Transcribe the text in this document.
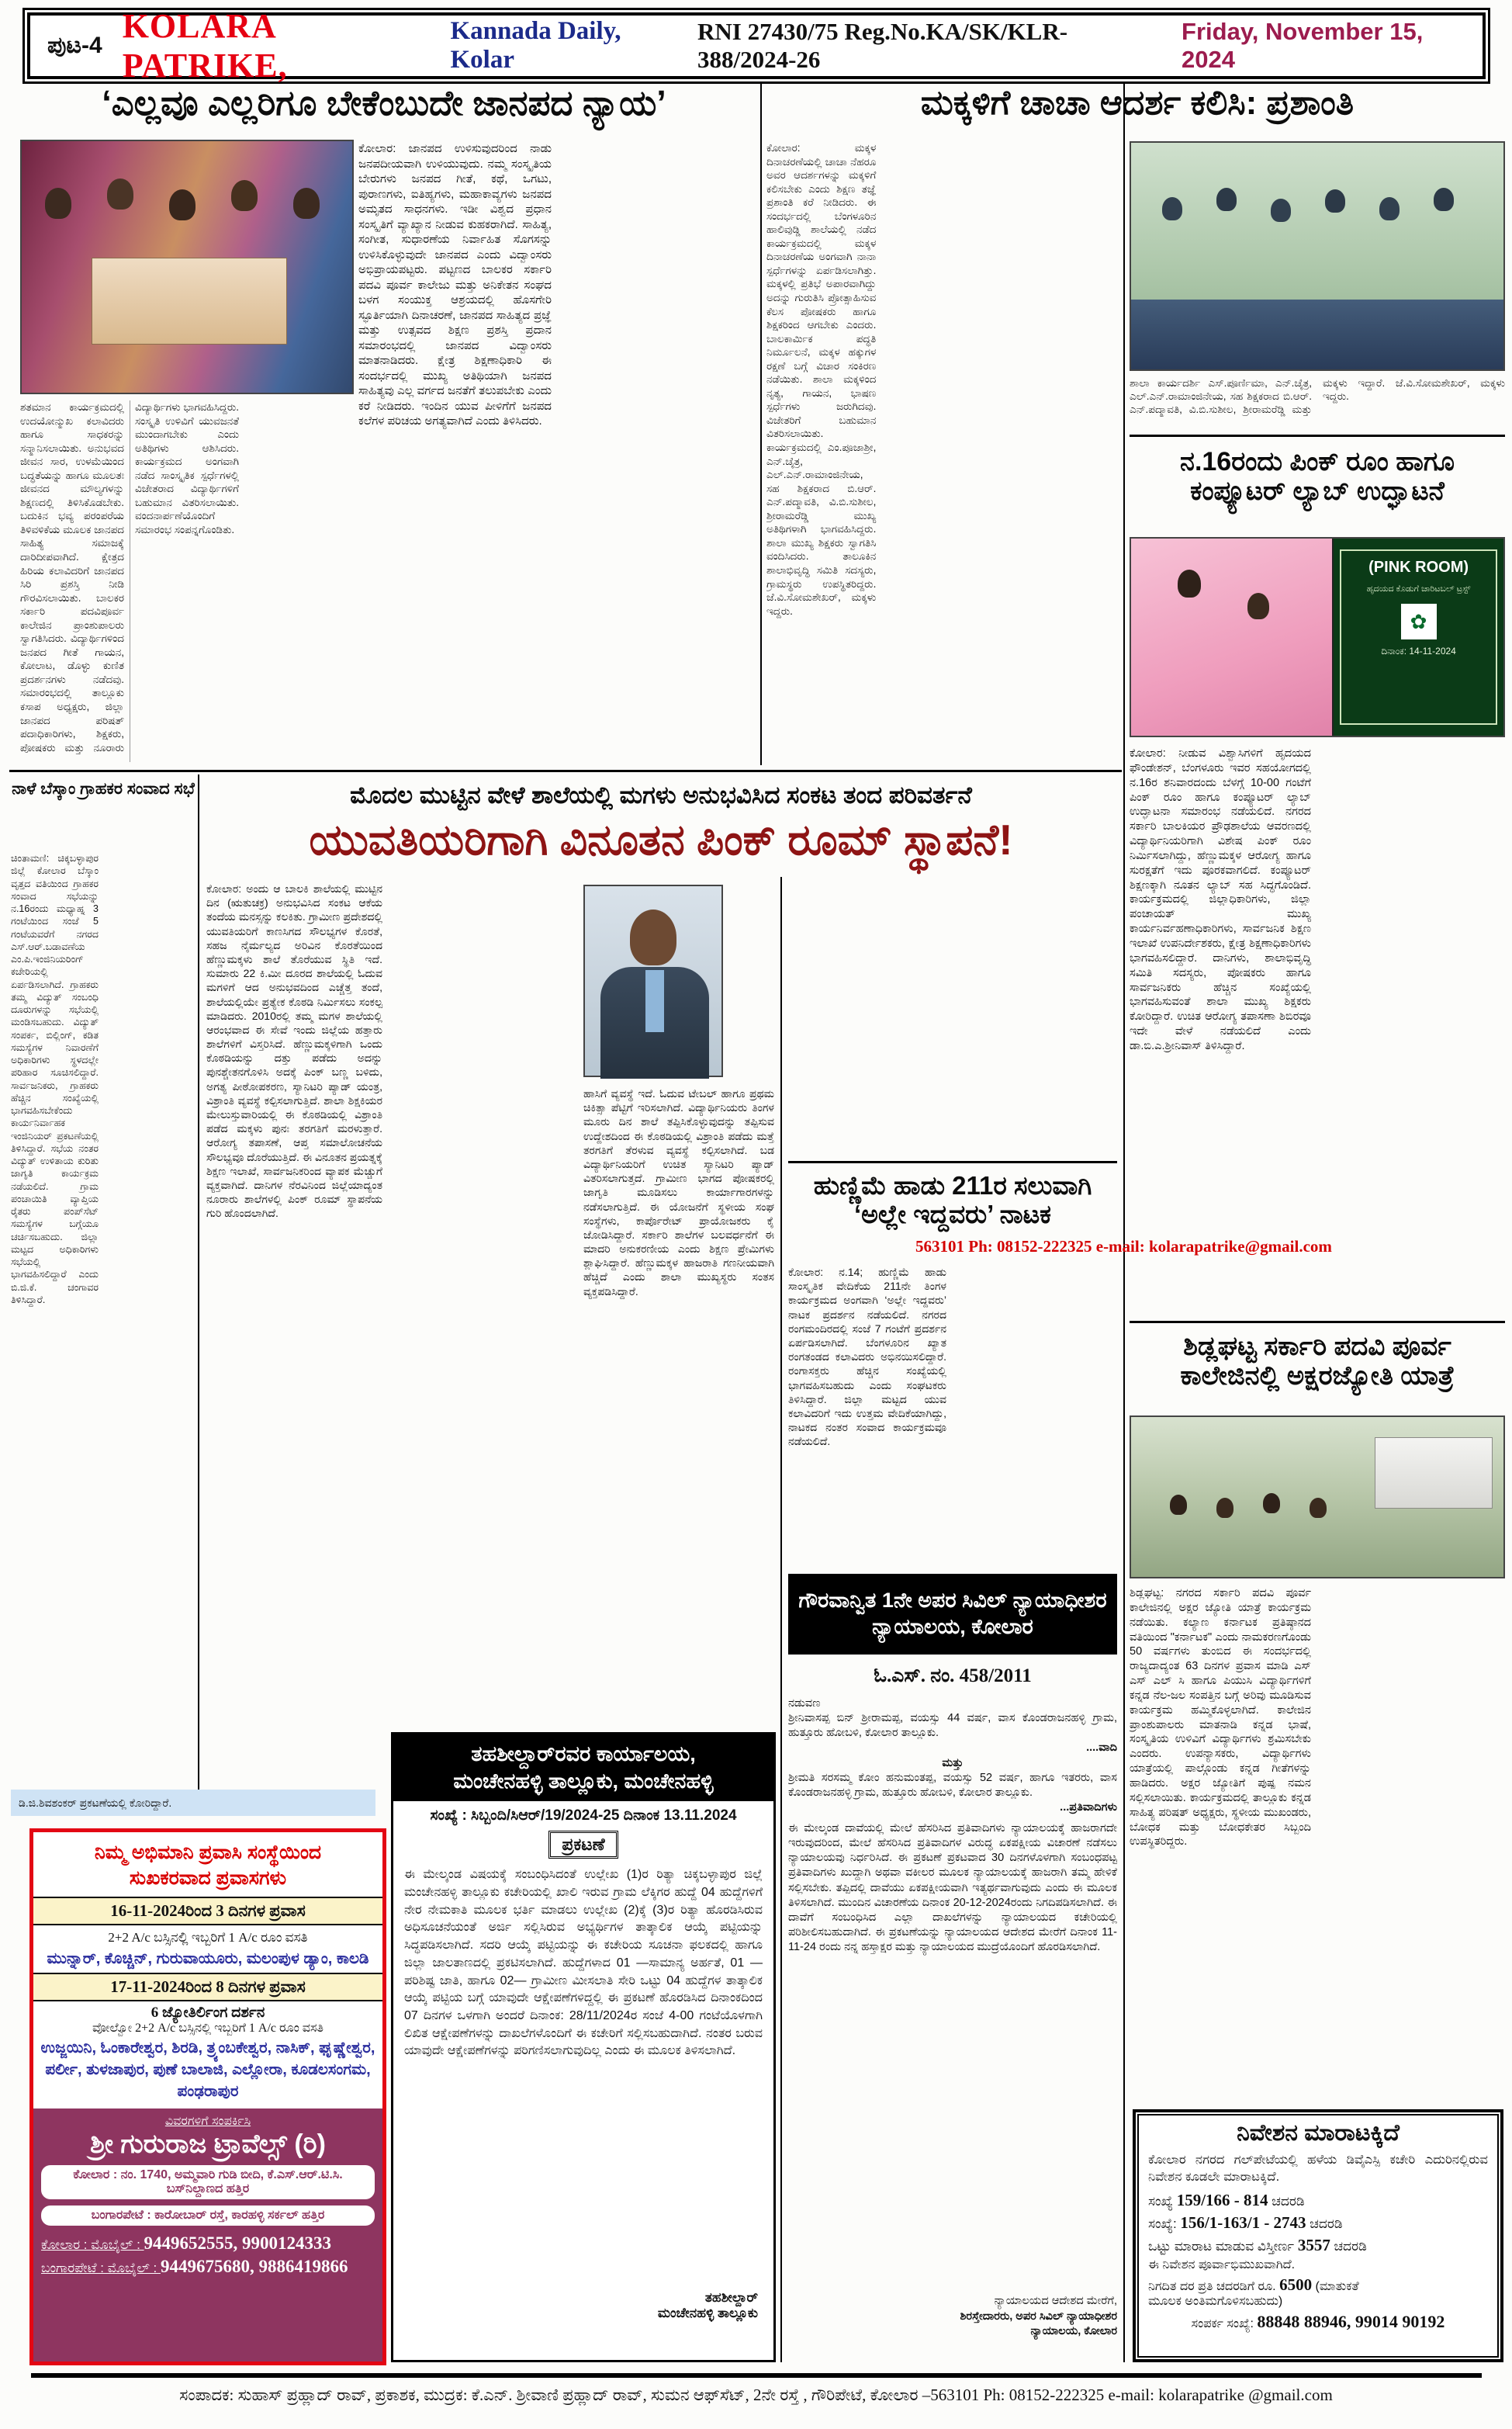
ಪುಟ-4
KOLARA PATRIKE,
Kannada Daily, Kolar
RNI 27430/75 Reg.No.KA/SK/KLR-388/2024-26
Friday, November 15, 2024
‘ಎಲ್ಲವೂ ಎಲ್ಲರಿಗೂ ಬೇಕೆಂಬುದೇ ಜಾನಪದ ನ್ಯಾಯ’
ಕೋಲಾರ: ಜಾನಪದ ಉಳಿಸುವುದರಿಂದ ನಾಡು ಜನಪದೀಯವಾಗಿ ಉಳಿಯುವುದು. ನಮ್ಮ ಸಂಸ್ಕೃತಿಯ ಬೇರುಗಳು ಜನಪದ ಗೀತೆ, ಕಥೆ, ಒಗಟು, ಪುರಾಣಗಳು, ಐತಿಹ್ಯಗಳು, ಮಹಾಕಾವ್ಯಗಳು ಜನಪದ ಅಮೃತದ ಸಾಧನಗಳು. ಇಡೀ ವಿಶ್ವದ ಪ್ರಧಾನ ಸಂಸ್ಕೃತಿಗೆ ವ್ಯಾಖ್ಯಾನ ನೀಡುವ ಕುಹಕರಾಗಿದೆ. ಸಾಹಿತ್ಯ, ಸಂಗೀತ, ಸುಧಾರಣೆಯ ನಿರ್ವಾಹಿತ ಸೊಗಸನ್ನು ಉಳಿಸಿಕೊಳ್ಳುವುದೇ ಜಾನಪದ ಎಂದು ವಿದ್ವಾಂಸರು ಅಭಿಪ್ರಾಯಪಟ್ಟರು. ಪಟ್ಟಣದ ಬಾಲಕರ ಸರ್ಕಾರಿ ಪದವಿ ಪೂರ್ವ ಕಾಲೇಜು ಮತ್ತು ಅನಿಕೇತನ ಸಂಘದ ಬಳಗ ಸಂಯುಕ್ತ ಆಶ್ರಯದಲ್ಲಿ ಹೊಸಗೇರಿ ಸ್ಫೂರ್ತಿಯಾಗಿ ದಿನಾಚರಣೆ, ಜಾನಪದ ಸಾಹಿತ್ಯದ ಪ್ರಜ್ಞೆ ಮತ್ತು ಉತ್ಸವದ ಶಿಕ್ಷಣ ಪ್ರಶಸ್ತಿ ಪ್ರದಾನ ಸಮಾರಂಭದಲ್ಲಿ ಜಾನಪದ ವಿದ್ವಾಂಸರು ಮಾತನಾಡಿದರು. ಕ್ಷೇತ್ರ ಶಿಕ್ಷಣಾಧಿಕಾರಿ ಈ ಸಂದರ್ಭದಲ್ಲಿ ಮುಖ್ಯ ಅತಿಥಿಯಾಗಿ ಜನಪದ ಸಾಹಿತ್ಯವು ಎಲ್ಲ ವರ್ಗದ ಜನತೆಗೆ ತಲುಪಬೇಕು ಎಂದು ಕರೆ ನೀಡಿದರು. ಇಂದಿನ ಯುವ ಪೀಳಿಗೆಗೆ ಜನಪದ ಕಲೆಗಳ ಪರಿಚಯ ಅಗತ್ಯವಾಗಿದೆ ಎಂದು ತಿಳಿಸಿದರು.
ಶತಮಾನ ಕಾರ್ಯಕ್ರಮದಲ್ಲಿ ಉದಯೋನ್ಮುಖ ಕಲಾವಿದರು ಹಾಗೂ ಸಾಧಕರನ್ನು ಸನ್ಮಾನಿಸಲಾಯಿತು. ಅನುಭವದ ಜೀವನ ಸಾರ, ಉಳಮೆಯಿಂದ ಬದ್ಧತೆಯನ್ನು ಹಾಗೂ ಮೂಲತಃ ಜೀವನದ ಮೌಲ್ಯಗಳನ್ನು ಶಿಕ್ಷಣದಲ್ಲಿ ತಿಳಿಸಿಕೊಡಬೇಕು. ಬದುಕಿನ ಭವ್ಯ ಪರಂಪರೆಯ ತಿಳಿವಳಿಕೆಯ ಮೂಲಕ ಜಾನಪದ ಸಾಹಿತ್ಯ ಸಮಾಜಕ್ಕೆ ದಾರಿದೀಪವಾಗಿದೆ. ಕ್ಷೇತ್ರದ ಹಿರಿಯ ಕಲಾವಿದರಿಗೆ ಜಾನಪದ ಸಿರಿ ಪ್ರಶಸ್ತಿ ನೀಡಿ ಗೌರವಿಸಲಾಯಿತು. ಬಾಲಕರ ಸರ್ಕಾರಿ ಪದವಿಪೂರ್ವ ಕಾಲೇಜಿನ ಪ್ರಾಂಶುಪಾಲರು ಸ್ವಾಗತಿಸಿದರು. ವಿದ್ಯಾರ್ಥಿಗಳಿಂದ ಜನಪದ ಗೀತೆ ಗಾಯನ, ಕೋಲಾಟ, ಡೊಳ್ಳು ಕುಣಿತ ಪ್ರದರ್ಶನಗಳು ನಡೆದವು. ಸಮಾರಂಭದಲ್ಲಿ ತಾಲ್ಲೂಕು ಕಸಾಪ ಅಧ್ಯಕ್ಷರು, ಜಿಲ್ಲಾ ಜಾನಪದ ಪರಿಷತ್ ಪದಾಧಿಕಾರಿಗಳು, ಶಿಕ್ಷಕರು, ಪೋಷಕರು ಮತ್ತು ನೂರಾರು ವಿದ್ಯಾರ್ಥಿಗಳು ಭಾಗವಹಿಸಿದ್ದರು. ಸಂಸ್ಕೃತಿ ಉಳಿವಿಗೆ ಯುವಜನತೆ ಮುಂದಾಗಬೇಕು ಎಂದು ಅತಿಥಿಗಳು ಆಶಿಸಿದರು. ಕಾರ್ಯಕ್ರಮದ ಅಂಗವಾಗಿ ನಡೆದ ಸಾಂಸ್ಕೃತಿಕ ಸ್ಪರ್ಧೆಗಳಲ್ಲಿ ವಿಜೇತರಾದ ವಿದ್ಯಾರ್ಥಿಗಳಿಗೆ ಬಹುಮಾನ ವಿತರಿಸಲಾಯಿತು. ವಂದನಾರ್ಪಣೆಯೊಂದಿಗೆ ಸಮಾರಂಭ ಸಂಪನ್ನಗೊಂಡಿತು.
ಮಕ್ಕಳಿಗೆ ಚಾಚಾ ಆದರ್ಶ ಕಲಿಸಿ: ಪ್ರಶಾಂತಿ
ಕೋಲಾರ: ಮಕ್ಕಳ ದಿನಾಚರಣೆಯಲ್ಲಿ ಚಾಚಾ ನೆಹರೂ ಅವರ ಆದರ್ಶಗಳನ್ನು ಮಕ್ಕಳಿಗೆ ಕಲಿಸಬೇಕು ಎಂದು ಶಿಕ್ಷಣ ತಜ್ಞೆ ಪ್ರಶಾಂತಿ ಕರೆ ನೀಡಿದರು. ಈ ಸಂದರ್ಭದಲ್ಲಿ ಬೆಂಗಳೂರಿನ ಹಾಲಿವುಡ್ಡಿ ಶಾಲೆಯಲ್ಲಿ ನಡೆದ ಕಾರ್ಯಕ್ರಮದಲ್ಲಿ ಮಕ್ಕಳ ದಿನಾಚರಣೆಯ ಅಂಗವಾಗಿ ನಾನಾ ಸ್ಪರ್ಧೆಗಳನ್ನು ಏರ್ಪಡಿಸಲಾಗಿತ್ತು. ಮಕ್ಕಳಲ್ಲಿ ಪ್ರತಿಭೆ ಅಪಾರವಾಗಿದ್ದು ಅದನ್ನು ಗುರುತಿಸಿ ಪ್ರೋತ್ಸಾಹಿಸುವ ಕೆಲಸ ಪೋಷಕರು ಹಾಗೂ ಶಿಕ್ಷಕರಿಂದ ಆಗಬೇಕು ಎಂದರು. ಬಾಲಕಾರ್ಮಿಕ ಪದ್ಧತಿ ನಿರ್ಮೂಲನೆ, ಮಕ್ಕಳ ಹಕ್ಕುಗಳ ರಕ್ಷಣೆ ಬಗ್ಗೆ ವಿಚಾರ ಸಂಕಿರಣ ನಡೆಯಿತು. ಶಾಲಾ ಮಕ್ಕಳಿಂದ ನೃತ್ಯ, ಗಾಯನ, ಭಾಷಣ ಸ್ಪರ್ಧೆಗಳು ಜರುಗಿದವು. ವಿಜೇತರಿಗೆ ಬಹುಮಾನ ವಿತರಿಸಲಾಯಿತು. ಕಾರ್ಯಕ್ರಮದಲ್ಲಿ ಎಂ.ಪೂಜಾಶ್ರೀ, ಎನ್.ಚೈತ್ರ, ಎಲ್.ಎನ್.ರಾಮಾಂಜಿನೇಯ, ಸಹ ಶಿಕ್ಷಕರಾದ ಬಿ.ಆರ್. ಎನ್.ಪದ್ಮಾವತಿ, ವಿ.ಬಿ.ಸುಶೀಲ, ಶ್ರೀರಾಮರೆಡ್ಡಿ ಮುಖ್ಯ ಅತಿಥಿಗಳಾಗಿ ಭಾಗವಹಿಸಿದ್ದರು. ಶಾಲಾ ಮುಖ್ಯ ಶಿಕ್ಷಕರು ಸ್ವಾಗತಿಸಿ ವಂದಿಸಿದರು. ತಾಲೂಕಿನ ಶಾಲಾಭಿವೃದ್ಧಿ ಸಮಿತಿ ಸದಸ್ಯರು, ಗ್ರಾಮಸ್ಥರು ಉಪಸ್ಥಿತರಿದ್ದರು. ಜೆ.ವಿ.ಸೋಮಶೇಖರ್, ಮಕ್ಕಳು ಇದ್ದರು.
ಶಾಲಾ ಕಾರ್ಯದರ್ಶಿ ಎಸ್.ಪೂರ್ಣಿಮಾ, ಎನ್.ಚೈತ್ರ, ಎಲ್.ಎನ್.ರಾಮಾಂಜಿನೇಯ, ಸಹ ಶಿಕ್ಷಕರಾದ ಬಿ.ಆರ್. ಎನ್.ಪದ್ಮಾವತಿ, ವಿ.ಬಿ.ಸುಶೀಲ, ಶ್ರೀರಾಮರೆಡ್ಡಿ ಮತ್ತು ಮಕ್ಕಳು ಇದ್ದಾರೆ. ಜೆ.ವಿ.ಸೋಮಶೇಖರ್, ಮಕ್ಕಳು ಇದ್ದರು.
ನ.16ರಂದು ಪಿಂಕ್ ರೂಂ ಹಾಗೂ
ಕಂಪ್ಯೂಟರ್ ಲ್ಯಾಬ್ ಉದ್ಘಾಟನೆ
(PINK ROOM)
ಹೃದಯದ ಕೊಡುಗೆ ಚಾರಿಟಬಲ್ ಟ್ರಸ್ಟ್
✿
ದಿನಾಂಕ: 14-11-2024
ಕೋಲಾರ: ನೀಡುವ ವಿಶ್ವಾಸಿಗಳಿಗೆ ಹೃದಯದ ಫೌಂಡೇಶನ್, ಬೆಂಗಳೂರು ಇವರ ಸಹಯೋಗದಲ್ಲಿ ನ.16ರ ಶನಿವಾರದಂದು ಬೆಳಗ್ಗೆ 10-00 ಗಂಟೆಗೆ ಪಿಂಕ್ ರೂಂ ಹಾಗೂ ಕಂಪ್ಯೂಟರ್ ಲ್ಯಾಬ್ ಉದ್ಘಾಟನಾ ಸಮಾರಂಭ ನಡೆಯಲಿದೆ. ನಗರದ ಸರ್ಕಾರಿ ಬಾಲಕಿಯರ ಪ್ರೌಢಶಾಲೆಯ ಆವರಣದಲ್ಲಿ ವಿದ್ಯಾರ್ಥಿನಿಯರಿಗಾಗಿ ವಿಶೇಷ ಪಿಂಕ್ ರೂಂ ನಿರ್ಮಿಸಲಾಗಿದ್ದು, ಹೆಣ್ಣುಮಕ್ಕಳ ಆರೋಗ್ಯ ಹಾಗೂ ಸುರಕ್ಷತೆಗೆ ಇದು ಪೂರಕವಾಗಲಿದೆ. ಕಂಪ್ಯೂಟರ್ ಶಿಕ್ಷಣಕ್ಕಾಗಿ ನೂತನ ಲ್ಯಾಬ್ ಸಹ ಸಿದ್ಧಗೊಂಡಿದೆ. ಕಾರ್ಯಕ್ರಮದಲ್ಲಿ ಜಿಲ್ಲಾಧಿಕಾರಿಗಳು, ಜಿಲ್ಲಾ ಪಂಚಾಯತ್ ಮುಖ್ಯ ಕಾರ್ಯನಿರ್ವಹಣಾಧಿಕಾರಿಗಳು, ಸಾರ್ವಜನಿಕ ಶಿಕ್ಷಣ ಇಲಾಖೆ ಉಪನಿರ್ದೇಶಕರು, ಕ್ಷೇತ್ರ ಶಿಕ್ಷಣಾಧಿಕಾರಿಗಳು ಭಾಗವಹಿಸಲಿದ್ದಾರೆ. ದಾನಿಗಳು, ಶಾಲಾಭಿವೃದ್ಧಿ ಸಮಿತಿ ಸದಸ್ಯರು, ಪೋಷಕರು ಹಾಗೂ ಸಾರ್ವಜನಿಕರು ಹೆಚ್ಚಿನ ಸಂಖ್ಯೆಯಲ್ಲಿ ಭಾಗವಹಿಸುವಂತೆ ಶಾಲಾ ಮುಖ್ಯ ಶಿಕ್ಷಕರು ಕೋರಿದ್ದಾರೆ. ಉಚಿತ ಆರೋಗ್ಯ ತಪಾಸಣಾ ಶಿಬಿರವೂ ಇದೇ ವೇಳೆ ನಡೆಯಲಿದೆ ಎಂದು ಡಾ.ಬಿ.ಎ.ಶ್ರೀನಿವಾಸ್ ತಿಳಿಸಿದ್ದಾರೆ.
ಶಿಡ್ಲಘಟ್ಟ ಸರ್ಕಾರಿ ಪದವಿ ಪೂರ್ವ
ಕಾಲೇಜಿನಲ್ಲಿ ಅಕ್ಷರಜ್ಯೋತಿ ಯಾತ್ರೆ
ಶಿಡ್ಲಘಟ್ಟ: ನಗರದ ಸರ್ಕಾರಿ ಪದವಿ ಪೂರ್ವ ಕಾಲೇಜಿನಲ್ಲಿ ಅಕ್ಷರ ಜ್ಯೋತಿ ಯಾತ್ರೆ ಕಾರ್ಯಕ್ರಮ ನಡೆಯಿತು. ಕಲ್ಯಾಣ ಕರ್ನಾಟಕ ಪ್ರತಿಷ್ಠಾನದ ವತಿಯಿಂದ "ಕರ್ನಾಟಕ" ಎಂದು ನಾಮಕರಣಗೊಂಡು 50 ವರ್ಷಗಳು ತುಂಬಿದ ಈ ಸಂದರ್ಭದಲ್ಲಿ ರಾಜ್ಯದಾದ್ಯಂತ 63 ದಿನಗಳ ಪ್ರವಾಸ ಮಾಡಿ ಎಸ್ ಎಸ್ ಎಲ್ ಸಿ ಹಾಗೂ ಪಿಯುಸಿ ವಿದ್ಯಾರ್ಥಿಗಳಿಗೆ ಕನ್ನಡ ನೆಲ-ಜಲ ಸಂಪತ್ತಿನ ಬಗ್ಗೆ ಅರಿವು ಮೂಡಿಸುವ ಕಾರ್ಯಕ್ರಮ ಹಮ್ಮಿಕೊಳ್ಳಲಾಗಿದೆ. ಕಾಲೇಜಿನ ಪ್ರಾಂಶುಪಾಲರು ಮಾತನಾಡಿ ಕನ್ನಡ ಭಾಷೆ, ಸಂಸ್ಕೃತಿಯ ಉಳಿವಿಗೆ ವಿದ್ಯಾರ್ಥಿಗಳು ಶ್ರಮಿಸಬೇಕು ಎಂದರು. ಉಪನ್ಯಾಸಕರು, ವಿದ್ಯಾರ್ಥಿಗಳು ಯಾತ್ರೆಯಲ್ಲಿ ಪಾಲ್ಗೊಂಡು ಕನ್ನಡ ಗೀತೆಗಳನ್ನು ಹಾಡಿದರು. ಅಕ್ಷರ ಜ್ಯೋತಿಗೆ ಪುಷ್ಪ ನಮನ ಸಲ್ಲಿಸಲಾಯಿತು. ಕಾರ್ಯಕ್ರಮದಲ್ಲಿ ತಾಲ್ಲೂಕು ಕನ್ನಡ ಸಾಹಿತ್ಯ ಪರಿಷತ್ ಅಧ್ಯಕ್ಷರು, ಸ್ಥಳೀಯ ಮುಖಂಡರು, ಬೋಧಕ ಮತ್ತು ಬೋಧಕೇತರ ಸಿಬ್ಬಂದಿ ಉಪಸ್ಥಿತರಿದ್ದರು.
ನಿವೇಶನ ಮಾರಾಟಕ್ಕಿದೆ
ಕೋಲಾರ ನಗರದ ಗಲ್‌ಪೇಟೆಯಲ್ಲಿ ಹಳೆಯ ಡಿವೈಎಸ್ಪಿ ಕಚೇರಿ ಎದುರಿನಲ್ಲಿರುವ ನಿವೇಶನ ಕೂಡಲೇ ಮಾರಾಟಕ್ಕಿದೆ.
ಸಂಖ್ಯೆ 159/166 - 814 ಚದರಡಿ
ಸಂಖ್ಯೆ: 156/1-163/1 - 2743 ಚದರಡಿ
ಒಟ್ಟು ಮಾರಾಟ ಮಾಡುವ ವಿಸ್ತೀರ್ಣ 3557 ಚದರಡಿ
ಈ ನಿವೇಶನ ಪೂರ್ವಾಭಿಮುಖವಾಗಿದೆ.
ನಿಗದಿತ ದರ ಪ್ರತಿ ಚದರಡಿಗೆ ರೂ. 6500 (ಮಾತುಕತೆ
ಮೂಲಕ ಅಂತಿಮಗೊಳಿಸಬಹುದು)
ಸಂಪರ್ಕ ಸಂಖ್ಯೆ: 88848 88946, 99014 90192
ನಾಳೆ ಬೆಸ್ಕಾಂ ಗ್ರಾಹಕರ ಸಂವಾದ ಸಭೆ
ಚಿಂತಾಮಣಿ: ಚಿಕ್ಕಬಳ್ಳಾಪುರ ಜಿಲ್ಲೆ ಕೋಲಾರ ಬೆಸ್ಕಾಂ ವೃತ್ತದ ವತಿಯಿಂದ ಗ್ರಾಹಕರ ಸಂವಾದ ಸಭೆಯನ್ನು ನ.16ರಂದು ಮಧ್ಯಾಹ್ನ 3 ಗಂಟೆಯಿಂದ ಸಂಜೆ 5 ಗಂಟೆಯವರೆಗೆ ನಗರದ ಎಸ್.ಆರ್.ಬಡಾವಣೆಯ ಎಂ.ಪಿ.ಇಂಜಿನಿಯರಿಂಗ್ ಕಚೇರಿಯಲ್ಲಿ ಏರ್ಪಡಿಸಲಾಗಿದೆ. ಗ್ರಾಹಕರು ತಮ್ಮ ವಿದ್ಯುತ್ ಸಂಬಂಧಿ ದೂರುಗಳನ್ನು ಸಭೆಯಲ್ಲಿ ಮಂಡಿಸಬಹುದು. ವಿದ್ಯುತ್ ಸಂಪರ್ಕ, ಬಿಲ್ಲಿಂಗ್, ಕಡಿತ ಸಮಸ್ಯೆಗಳ ನಿವಾರಣೆಗೆ ಅಧಿಕಾರಿಗಳು ಸ್ಥಳದಲ್ಲೇ ಪರಿಹಾರ ಸೂಚಿಸಲಿದ್ದಾರೆ. ಸಾರ್ವಜನಿಕರು, ಗ್ರಾಹಕರು ಹೆಚ್ಚಿನ ಸಂಖ್ಯೆಯಲ್ಲಿ ಭಾಗವಹಿಸಬೇಕೆಂದು ಕಾರ್ಯನಿರ್ವಾಹಕ ಇಂಜಿನಿಯರ್ ಪ್ರಕಟಣೆಯಲ್ಲಿ ತಿಳಿಸಿದ್ದಾರೆ. ಸಭೆಯ ನಂತರ ವಿದ್ಯುತ್ ಉಳಿತಾಯ ಕುರಿತು ಜಾಗೃತಿ ಕಾರ್ಯಕ್ರಮ ನಡೆಯಲಿದೆ. ಗ್ರಾಮ ಪಂಚಾಯಿತಿ ವ್ಯಾಪ್ತಿಯ ರೈತರು ಪಂಪ್‌ಸೆಟ್ ಸಮಸ್ಯೆಗಳ ಬಗ್ಗೆಯೂ ಚರ್ಚಿಸಬಹುದು. ಜಿಲ್ಲಾ ಮಟ್ಟದ ಅಧಿಕಾರಿಗಳು ಸಭೆಯಲ್ಲಿ ಭಾಗವಹಿಸಲಿದ್ದಾರೆ ಎಂದು ಬಿ.ಜಿ.ಕೆ. ಚಂಗಾವರ ತಿಳಿಸಿದ್ದಾರೆ.
ಡಿ.ಜಿ.ಶಿವಶಂಕರ್ ಪ್ರಕಟಣೆಯಲ್ಲಿ ಕೋರಿದ್ದಾರೆ.
ಮೊದಲ ಮುಟ್ಟಿನ ವೇಳೆ ಶಾಲೆಯಲ್ಲಿ ಮಗಳು ಅನುಭವಿಸಿದ ಸಂಕಟ ತಂದ ಪರಿವರ್ತನೆ
ಯುವತಿಯರಿಗಾಗಿ ವಿನೂತನ ಪಿಂಕ್ ರೂಮ್ ಸ್ಥಾಪನೆ!
ಕೋಲಾರ: ಅಂದು ಆ ಬಾಲಕಿ ಶಾಲೆಯಲ್ಲಿ ಮುಟ್ಟಿನ ದಿನ (ಋತುಚಕ್ರ) ಅನುಭವಿಸಿದ ಸಂಕಟ ಆಕೆಯ ತಂದೆಯ ಮನಸ್ಸನ್ನು ಕಲಕಿತು. ಗ್ರಾಮೀಣ ಪ್ರದೇಶದಲ್ಲಿ ಯುವತಿಯರಿಗೆ ಕಾಣಸಿಗದ ಸೌಲಭ್ಯಗಳ ಕೊರತೆ, ಸಹಜ ನೈರ್ಮಲ್ಯದ ಅರಿವಿನ ಕೊರತೆಯಿಂದ ಹೆಣ್ಣುಮಕ್ಕಳು ಶಾಲೆ ತೊರೆಯುವ ಸ್ಥಿತಿ ಇದೆ. ಸುಮಾರು 22 ಕಿ.ಮೀ ದೂರದ ಶಾಲೆಯಲ್ಲಿ ಓದುವ ಮಗಳಿಗೆ ಆದ ಅನುಭವದಿಂದ ಎಚ್ಚೆತ್ತ ತಂದೆ, ಶಾಲೆಯಲ್ಲಿಯೇ ಪ್ರತ್ಯೇಕ ಕೊಠಡಿ ನಿರ್ಮಿಸಲು ಸಂಕಲ್ಪ ಮಾಡಿದರು. 2010ರಲ್ಲಿ ತಮ್ಮ ಮಗಳ ಶಾಲೆಯಲ್ಲಿ ಆರಂಭವಾದ ಈ ಸೇವೆ ಇಂದು ಜಿಲ್ಲೆಯ ಹತ್ತಾರು ಶಾಲೆಗಳಿಗೆ ವಿಸ್ತರಿಸಿದೆ. ಹೆಣ್ಣುಮಕ್ಕಳಿಗಾಗಿ ಒಂದು ಕೊಠಡಿಯನ್ನು ದತ್ತು ಪಡೆದು ಅದನ್ನು ಪುನಶ್ಚೇತನಗೊಳಿಸಿ ಅದಕ್ಕೆ ಪಿಂಕ್ ಬಣ್ಣ ಬಳಿದು, ಅಗತ್ಯ ಪೀಠೋಪಕರಣ, ಸ್ಯಾನಿಟರಿ ಪ್ಯಾಡ್ ಯಂತ್ರ, ವಿಶ್ರಾಂತಿ ವ್ಯವಸ್ಥೆ ಕಲ್ಪಿಸಲಾಗುತ್ತಿದೆ. ಶಾಲಾ ಶಿಕ್ಷಕಿಯರ ಮೇಲುಸ್ತುವಾರಿಯಲ್ಲಿ ಈ ಕೊಠಡಿಯಲ್ಲಿ ವಿಶ್ರಾಂತಿ ಪಡೆದ ಮಕ್ಕಳು ಪುನಃ ತರಗತಿಗೆ ಮರಳುತ್ತಾರೆ. ಆರೋಗ್ಯ ತಪಾಸಣೆ, ಆಪ್ತ ಸಮಾಲೋಚನೆಯ ಸೌಲಭ್ಯವೂ ದೊರೆಯುತ್ತಿದೆ. ಈ ವಿನೂತನ ಪ್ರಯತ್ನಕ್ಕೆ ಶಿಕ್ಷಣ ಇಲಾಖೆ, ಸಾರ್ವಜನಿಕರಿಂದ ವ್ಯಾಪಕ ಮೆಚ್ಚುಗೆ ವ್ಯಕ್ತವಾಗಿದೆ. ದಾನಿಗಳ ನೆರವಿನಿಂದ ಜಿಲ್ಲೆಯಾದ್ಯಂತ ನೂರಾರು ಶಾಲೆಗಳಲ್ಲಿ ಪಿಂಕ್ ರೂಮ್ ಸ್ಥಾಪನೆಯ ಗುರಿ ಹೊಂದಲಾಗಿದೆ.
ಹಾಸಿಗೆ ವ್ಯವಸ್ಥೆ ಇದೆ. ಓದುವ ಟೇಬಲ್ ಹಾಗೂ ಪ್ರಥಮ ಚಿಕಿತ್ಸಾ ಪೆಟ್ಟಿಗೆ ಇರಿಸಲಾಗಿದೆ. ವಿದ್ಯಾರ್ಥಿನಿಯರು ತಿಂಗಳ ಮೂರು ದಿನ ಶಾಲೆ ತಪ್ಪಿಸಿಕೊಳ್ಳುವುದನ್ನು ತಪ್ಪಿಸುವ ಉದ್ದೇಶದಿಂದ ಈ ಕೊಠಡಿಯಲ್ಲಿ ವಿಶ್ರಾಂತಿ ಪಡೆದು ಮತ್ತೆ ತರಗತಿಗೆ ತೆರಳುವ ವ್ಯವಸ್ಥೆ ಕಲ್ಪಿಸಲಾಗಿದೆ. ಬಡ ವಿದ್ಯಾರ್ಥಿನಿಯರಿಗೆ ಉಚಿತ ಸ್ಯಾನಿಟರಿ ಪ್ಯಾಡ್ ವಿತರಿಸಲಾಗುತ್ತದೆ. ಗ್ರಾಮೀಣ ಭಾಗದ ಪೋಷಕರಲ್ಲಿ ಜಾಗೃತಿ ಮೂಡಿಸಲು ಕಾರ್ಯಾಗಾರಗಳನ್ನು ನಡೆಸಲಾಗುತ್ತಿದೆ. ಈ ಯೋಜನೆಗೆ ಸ್ಥಳೀಯ ಸಂಘ ಸಂಸ್ಥೆಗಳು, ಕಾರ್ಪೊರೇಟ್ ಪ್ರಾಯೋಜಕರು ಕೈ ಜೋಡಿಸಿದ್ದಾರೆ. ಸರ್ಕಾರಿ ಶಾಲೆಗಳ ಬಲವರ್ಧನೆಗೆ ಈ ಮಾದರಿ ಅನುಕರಣೀಯ ಎಂದು ಶಿಕ್ಷಣ ಪ್ರೇಮಿಗಳು ಶ್ಲಾಘಿಸಿದ್ದಾರೆ. ಹೆಣ್ಣುಮಕ್ಕಳ ಹಾಜರಾತಿ ಗಣನೀಯವಾಗಿ ಹೆಚ್ಚಿದೆ ಎಂದು ಶಾಲಾ ಮುಖ್ಯಸ್ಥರು ಸಂತಸ ವ್ಯಕ್ತಪಡಿಸಿದ್ದಾರೆ.
ಹುಣ್ಣಿಮೆ ಹಾಡು 211ರ ಸಲುವಾಗಿ
‘ಅಲ್ಲೇ ಇದ್ದವರು’ ನಾಟಕ
563101 Ph: 08152-222325 e-mail: kolarapatrike@gmail.com
ಕೋಲಾರ: ನ.14; ಹುಣ್ಣಿಮೆ ಹಾಡು ಸಾಂಸ್ಕೃತಿಕ ವೇದಿಕೆಯ 211ನೇ ತಿಂಗಳ ಕಾರ್ಯಕ್ರಮದ ಅಂಗವಾಗಿ ‘ಅಲ್ಲೇ ಇದ್ದವರು’ ನಾಟಕ ಪ್ರದರ್ಶನ ನಡೆಯಲಿದೆ. ನಗರದ ರಂಗಮಂದಿರದಲ್ಲಿ ಸಂಜೆ 7 ಗಂಟೆಗೆ ಪ್ರದರ್ಶನ ಏರ್ಪಡಿಸಲಾಗಿದೆ. ಬೆಂಗಳೂರಿನ ಖ್ಯಾತ ರಂಗತಂಡದ ಕಲಾವಿದರು ಅಭಿನಯಿಸಲಿದ್ದಾರೆ. ರಂಗಾಸಕ್ತರು ಹೆಚ್ಚಿನ ಸಂಖ್ಯೆಯಲ್ಲಿ ಭಾಗವಹಿಸಬಹುದು ಎಂದು ಸಂಘಟಕರು ತಿಳಿಸಿದ್ದಾರೆ. ಜಿಲ್ಲಾ ಮಟ್ಟದ ಯುವ ಕಲಾವಿದರಿಗೆ ಇದು ಉತ್ತಮ ವೇದಿಕೆಯಾಗಿದ್ದು, ನಾಟಕದ ನಂತರ ಸಂವಾದ ಕಾರ್ಯಕ್ರಮವೂ ನಡೆಯಲಿದೆ.
ಗೌರವಾನ್ವಿತ 1ನೇ ಅಪರ ಸಿವಿಲ್ ನ್ಯಾಯಾಧೀಶರ ನ್ಯಾಯಾಲಯ, ಕೋಲಾರ
ಓ.ಎಸ್. ನಂ. 458/2011
ನಡುವಣ
ಶ್ರೀನಿವಾಸಪ್ಪ ಬಿನ್ ಶ್ರೀರಾಮಪ್ಪ, ವಯಸ್ಸು 44 ವರ್ಷ, ವಾಸ ಕೊಂಡರಾಜನಹಳ್ಳಿ ಗ್ರಾಮ, ಹುತ್ತೂರು ಹೋಬಳಿ, ಕೋಲಾರ ತಾಲ್ಲೂಕು.
....ವಾದಿ
ಮತ್ತು
ಶ್ರೀಮತಿ ಸರಸಮ್ಮ ಕೋಂ ಹನುಮಂತಪ್ಪ, ವಯಸ್ಸು 52 ವರ್ಷ, ಹಾಗೂ ಇತರರು, ವಾಸ ಕೊಂಡರಾಜನಹಳ್ಳಿ ಗ್ರಾಮ, ಹುತ್ತೂರು ಹೋಬಳಿ, ಕೋಲಾರ ತಾಲ್ಲೂಕು.
...ಪ್ರತಿವಾದಿಗಳು
ಈ ಮೇಲ್ಕಂಡ ದಾವೆಯಲ್ಲಿ ಮೇಲೆ ಹೆಸರಿಸಿದ ಪ್ರತಿವಾದಿಗಳು ನ್ಯಾಯಾಲಯಕ್ಕೆ ಹಾಜರಾಗದೇ ಇರುವುದರಿಂದ, ಮೇಲೆ ಹೆಸರಿಸಿದ ಪ್ರತಿವಾದಿಗಳ ವಿರುದ್ಧ ಏಕಪಕ್ಷೀಯ ವಿಚಾರಣೆ ನಡೆಸಲು ನ್ಯಾಯಾಲಯವು ನಿರ್ಧರಿಸಿದೆ. ಈ ಪ್ರಕಟಣೆ ಪ್ರಕಟವಾದ 30 ದಿನಗಳೊಳಗಾಗಿ ಸಂಬಂಧಪಟ್ಟ ಪ್ರತಿವಾದಿಗಳು ಖುದ್ದಾಗಿ ಅಥವಾ ವಕೀಲರ ಮೂಲಕ ನ್ಯಾಯಾಲಯಕ್ಕೆ ಹಾಜರಾಗಿ ತಮ್ಮ ಹೇಳಿಕೆ ಸಲ್ಲಿಸಬೇಕು. ತಪ್ಪಿದಲ್ಲಿ ದಾವೆಯು ಏಕಪಕ್ಷೀಯವಾಗಿ ಇತ್ಯರ್ಥವಾಗುವುದು ಎಂದು ಈ ಮೂಲಕ ತಿಳಿಸಲಾಗಿದೆ. ಮುಂದಿನ ವಿಚಾರಣೆಯ ದಿನಾಂಕ 20-12-2024ರಂದು ನಿಗದಿಪಡಿಸಲಾಗಿದೆ. ಈ ದಾವೆಗೆ ಸಂಬಂಧಿಸಿದ ಎಲ್ಲಾ ದಾಖಲೆಗಳನ್ನು ನ್ಯಾಯಾಲಯದ ಕಚೇರಿಯಲ್ಲಿ ಪರಿಶೀಲಿಸಬಹುದಾಗಿದೆ. ಈ ಪ್ರಕಟಣೆಯನ್ನು ನ್ಯಾಯಾಲಯದ ಆದೇಶದ ಮೇರೆಗೆ ದಿನಾಂಕ 11-11-24 ರಂದು ನನ್ನ ಹಸ್ತಾಕ್ಷರ ಮತ್ತು ನ್ಯಾಯಾಲಯದ ಮುದ್ರೆಯೊಂದಿಗೆ ಹೊರಡಿಸಲಾಗಿದೆ.
ನ್ಯಾಯಾಲಯದ ಆದೇಶದ ಮೇರೆಗೆ,
ಶಿರಸ್ತೇದಾರರು, ಅಪರ ಸಿವಿಲ್ ನ್ಯಾಯಾಧೀಶರ
ನ್ಯಾಯಾಲಯ, ಕೋಲಾರ
ತಹಶೀಲ್ದಾರ್‌ರವರ ಕಾರ್ಯಾಲಯ,
ಮಂಚೇನಹಳ್ಳಿ ತಾಲ್ಲೂಕು, ಮಂಚೇನಹಳ್ಳಿ
ಸಂಖ್ಯೆ : ಸಿಬ್ಬಂದಿ/ಸಿಆರ್/19/2024-25 ದಿನಾಂಕ 13.11.2024
ಪ್ರಕಟಣೆ
ಈ ಮೇಲ್ಕಂಡ ವಿಷಯಕ್ಕೆ ಸಂಬಂಧಿಸಿದಂತೆ ಉಲ್ಲೇಖ (1)ರ ರಿತ್ಯಾ ಚಿಕ್ಕಬಳ್ಳಾಪುರ ಜಿಲ್ಲೆ ಮಂಚೇನಹಳ್ಳಿ ತಾಲ್ಲೂಕು ಕಚೇರಿಯಲ್ಲಿ ಖಾಲಿ ಇರುವ ಗ್ರಾಮ ಲೆಕ್ಕಿಗರ ಹುದ್ದೆ 04 ಹುದ್ದೆಗಳಿಗೆ ನೇರ ನೇಮಕಾತಿ ಮೂಲಕ ಭರ್ತಿ ಮಾಡಲು ಉಲ್ಲೇಖ (2)ಕ್ಕೆ (3)ರ ರಿತ್ಯಾ ಹೊರಡಿಸಿರುವ ಅಧಿಸೂಚನೆಯಂತೆ ಅರ್ಜಿ ಸಲ್ಲಿಸಿರುವ ಅಭ್ಯರ್ಥಿಗಳ ತಾತ್ಕಾಲಿಕ ಆಯ್ಕೆ ಪಟ್ಟಿಯನ್ನು ಸಿದ್ಧಪಡಿಸಲಾಗಿದೆ. ಸದರಿ ಆಯ್ಕೆ ಪಟ್ಟಿಯನ್ನು ಈ ಕಚೇರಿಯ ಸೂಚನಾ ಫಲಕದಲ್ಲಿ ಹಾಗೂ ಜಿಲ್ಲಾ ಜಾಲತಾಣದಲ್ಲಿ ಪ್ರಕಟಿಸಲಾಗಿದೆ. ಹುದ್ದೆಗಳಾದ 01 —ಸಾಮಾನ್ಯ ಅರ್ಹತೆ, 01 — ಪರಿಶಿಷ್ಟ ಜಾತಿ, ಹಾಗೂ 02— ಗ್ರಾಮೀಣ ಮೀಸಲಾತಿ ಸೇರಿ ಒಟ್ಟು 04 ಹುದ್ದೆಗಳ ತಾತ್ಕಾಲಿಕ ಆಯ್ಕೆ ಪಟ್ಟಿಯ ಬಗ್ಗೆ ಯಾವುದೇ ಆಕ್ಷೇಪಣೆಗಳಿದ್ದಲ್ಲಿ ಈ ಪ್ರಕಟಣೆ ಹೊರಡಿಸಿದ ದಿನಾಂಕದಿಂದ 07 ದಿನಗಳ ಒಳಗಾಗಿ ಅಂದರೆ ದಿನಾಂಕ: 28/11/2024ರ ಸಂಜೆ 4-00 ಗಂಟೆಯೊಳಗಾಗಿ ಲಿಖಿತ ಆಕ್ಷೇಪಣೆಗಳನ್ನು ದಾಖಲೆಗಳೊಂದಿಗೆ ಈ ಕಚೇರಿಗೆ ಸಲ್ಲಿಸಬಹುದಾಗಿದೆ. ನಂತರ ಬರುವ ಯಾವುದೇ ಆಕ್ಷೇಪಣೆಗಳನ್ನು ಪರಿಗಣಿಸಲಾಗುವುದಿಲ್ಲ ಎಂದು ಈ ಮೂಲಕ ತಿಳಿಸಲಾಗಿದೆ.
ತಹಶೀಲ್ದಾರ್
ಮಂಚೇನಹಳ್ಳಿ ತಾಲ್ಲೂಕು
ನಿಮ್ಮ ಅಭಿಮಾನಿ ಪ್ರವಾಸಿ ಸಂಸ್ಥೆಯಿಂದ
ಸುಖಕರವಾದ ಪ್ರವಾಸಗಳು
16-11-2024ರಿಂದ 3 ದಿನಗಳ ಪ್ರವಾಸ
2+2 A/c ಬಸ್ಸಿನಲ್ಲಿ ಇಬ್ಬರಿಗೆ 1 A/c ರೂಂ ವಸತಿ
ಮುನ್ನಾರ್, ಕೊಚ್ಚಿನ್, ಗುರುವಾಯೂರು, ಮಲಂಪುಳ ಡ್ಯಾಂ, ಕಾಲಡಿ
17-11-2024ರಿಂದ 8 ದಿನಗಳ ಪ್ರವಾಸ
6 ಜ್ಯೋತಿರ್ಲಿಂಗ ದರ್ಶನ
ವೋಲ್ವೋ 2+2 A/c ಬಸ್ಸಿನಲ್ಲಿ ಇಬ್ಬರಿಗೆ 1 A/c ರೂಂ ವಸತಿ
ಉಜ್ಜಯಿನಿ, ಓಂಕಾರೇಶ್ವರ, ಶಿರಡಿ, ತ್ರ್ಯಂಬಕೇಶ್ವರ, ನಾಸಿಕ್, ಘೃಷ್ಣೇಶ್ವರ, ಪರ್ಲೀ, ತುಳಜಾಪುರ, ಪುಣೆ ಬಾಲಾಜಿ, ಎಲ್ಲೋರಾ, ಕೂಡಲಸಂಗಮ, ಪಂಢರಾಪುರ
ವಿವರಗಳಿಗೆ ಸಂಪರ್ಕಿಸಿ
ಶ್ರೀ ಗುರುರಾಜ ಟ್ರಾವೆಲ್ಸ್ (ರಿ)
ಕೋಲಾರ : ನಂ. 1740, ಅಮ್ಮವಾರಿ ಗುಡಿ ಬೀದಿ, ಕೆ.ಎಸ್.ಆರ್.ಟಿ.ಸಿ. ಬಸ್‌ನಿಲ್ದಾಣದ ಹತ್ತಿರ
ಬಂಗಾರಪೇಟೆ : ಕಾರೋಬಾರ್ ರಸ್ತೆ, ಕಾರಹಳ್ಳಿ ಸರ್ಕಲ್ ಹತ್ತಿರ
ಕೋಲಾರ : ಮೊಬೈಲ್ : 9449652555, 9900124333
ಬಂಗಾರಪೇಟೆ : ಮೊಬೈಲ್ : 9449675680, 9886419866
ಸಂಪಾದಕ: ಸುಹಾಸ್ ಪ್ರಹ್ಲಾದ್ ರಾವ್, ಪ್ರಕಾಶಕ, ಮುದ್ರಕ: ಕೆ.ಎನ್. ಶ್ರೀವಾಣಿ ಪ್ರಹ್ಲಾದ್ ರಾವ್, ಸುಮನ ಆಫ್‌ಸೆಟ್, 2ನೇ ರಸ್ತೆ , ಗೌರಿಪೇಟೆ, ಕೋಲಾರ –563101 Ph: 08152-222325 e-mail: kolarapatrike @gmail.com
